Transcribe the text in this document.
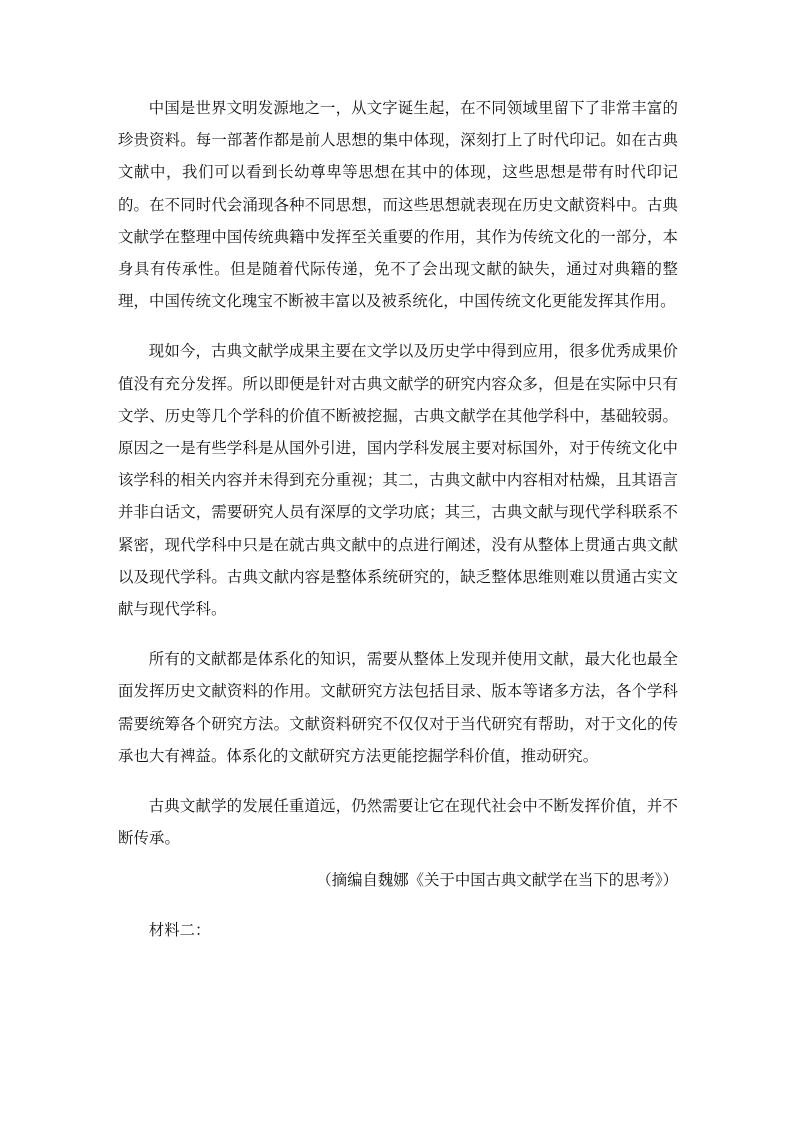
中国是世界文明发源地之一，从文字诞生起，在不同领域里留下了非常丰富的珍贵资料。每一部著作都是前人思想的集中体现，深刻打上了时代印记。如在古典文献中，我们可以看到长幼尊卑等思想在其中的体现，这些思想是带有时代印记的。在不同时代会涌现各种不同思想，而这些思想就表现在历史文献资料中。古典文献学在整理中国传统典籍中发挥至关重要的作用，其作为传统文化的一部分，本身具有传承性。但是随着代际传递，免不了会出现文献的缺失，通过对典籍的整理，中国传统文化瑰宝不断被丰富以及被系统化，中国传统文化更能发挥其作用。

现如今，古典文献学成果主要在文学以及历史学中得到应用，很多优秀成果价值没有充分发挥。所以即便是针对古典文献学的研究内容众多，但是在实际中只有文学、历史等几个学科的价值不断被挖掘，古典文献学在其他学科中，基础较弱。原因之一是有些学科是从国外引进，国内学科发展主要对标国外，对于传统文化中该学科的相关内容并未得到充分重视；其二，古典文献中内容相对枯燥，且其语言并非白话文，需要研究人员有深厚的文学功底；其三，古典文献与现代学科联系不紧密，现代学科中只是在就古典文献中的点进行阐述，没有从整体上贯通古典文献以及现代学科。古典文献内容是整体系统研究的，缺乏整体思维则难以贯通古实文献与现代学科。

所有的文献都是体系化的知识，需要从整体上发现并使用文献，最大化也最全面发挥历史文献资料的作用。文献研究方法包括目录、版本等诸多方法，各个学科需要统筹各个研究方法。文献资料研究不仅仅对于当代研究有帮助，对于文化的传承也大有裨益。体系化的文献研究方法更能挖掘学科价值，推动研究。

古典文献学的发展任重道远，仍然需要让它在现代社会中不断发挥价值，并不断传承。

（摘编自魏娜《关于中国古典文献学在当下的思考》）

材料二：
